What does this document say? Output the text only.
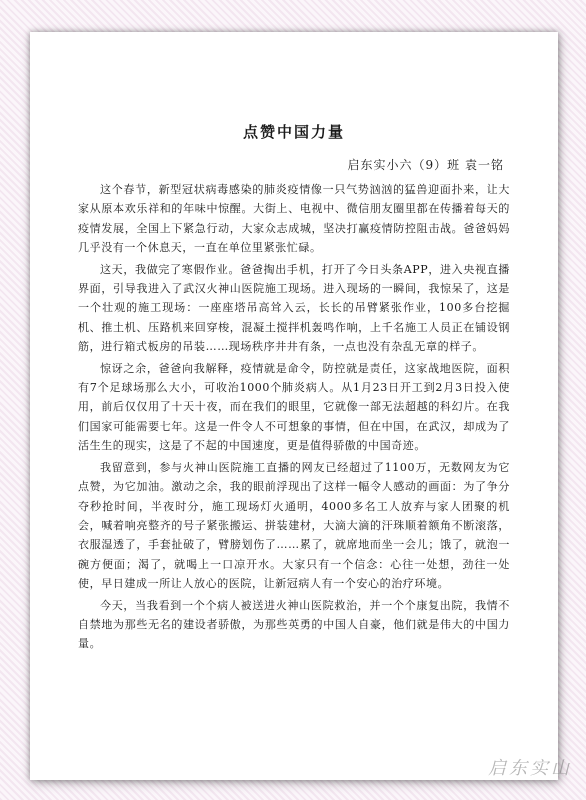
点赞中国力量
启东实小六（9）班 袁一铭

这个春节，新型冠状病毒感染的肺炎疫情像一只气势汹汹的猛兽迎面扑来，让大家从原本欢乐祥和的年味中惊醒。大街上、电视中、微信朋友圈里都在传播着每天的疫情发展，全国上下紧急行动，大家众志成城，坚决打赢疫情防控阻击战。爸爸妈妈几乎没有一个休息天，一直在单位里紧张忙碌。

这天，我做完了寒假作业。爸爸掏出手机，打开了今日头条APP，进入央视直播界面，引导我进入了武汉火神山医院施工现场。进入现场的一瞬间，我惊呆了，这是一个壮观的施工现场：一座座塔吊高耸入云，长长的吊臂紧张作业，100多台挖掘机、推土机、压路机来回穿梭，混凝土搅拌机轰鸣作响，上千名施工人员正在铺设钢筋，进行箱式板房的吊装……现场秩序井井有条，一点也没有杂乱无章的样子。

惊讶之余，爸爸向我解释，疫情就是命令，防控就是责任，这家战地医院，面积有7个足球场那么大小，可收治1000个肺炎病人。从1月23日开工到2月3日投入使用，前后仅仅用了十天十夜，而在我们的眼里，它就像一部无法超越的科幻片。在我们国家可能需要七年。这是一件令人不可想象的事情，但在中国，在武汉，却成为了活生生的现实，这是了不起的中国速度，更是值得骄傲的中国奇迹。

我留意到，参与火神山医院施工直播的网友已经超过了1100万，无数网友为它点赞，为它加油。激动之余，我的眼前浮现出了这样一幅令人感动的画面：为了争分夺秒抢时间，半夜时分，施工现场灯火通明，4000多名工人放弃与家人团聚的机会，喊着响亮整齐的号子紧张搬运、拼装建材，大滴大滴的汗珠顺着额角不断滚落，衣服湿透了，手套扯破了，臂膀划伤了……累了，就席地而坐一会儿；饿了，就泡一碗方便面；渴了，就喝上一口凉开水。大家只有一个信念：心往一处想，劲往一处使，早日建成一所让人放心的医院，让新冠病人有一个安心的治疗环境。

今天，当我看到一个个病人被送进火神山医院救治，并一个个康复出院，我情不自禁地为那些无名的建设者骄傲，为那些英勇的中国人自豪，他们就是伟大的中国力量。

启东实山
